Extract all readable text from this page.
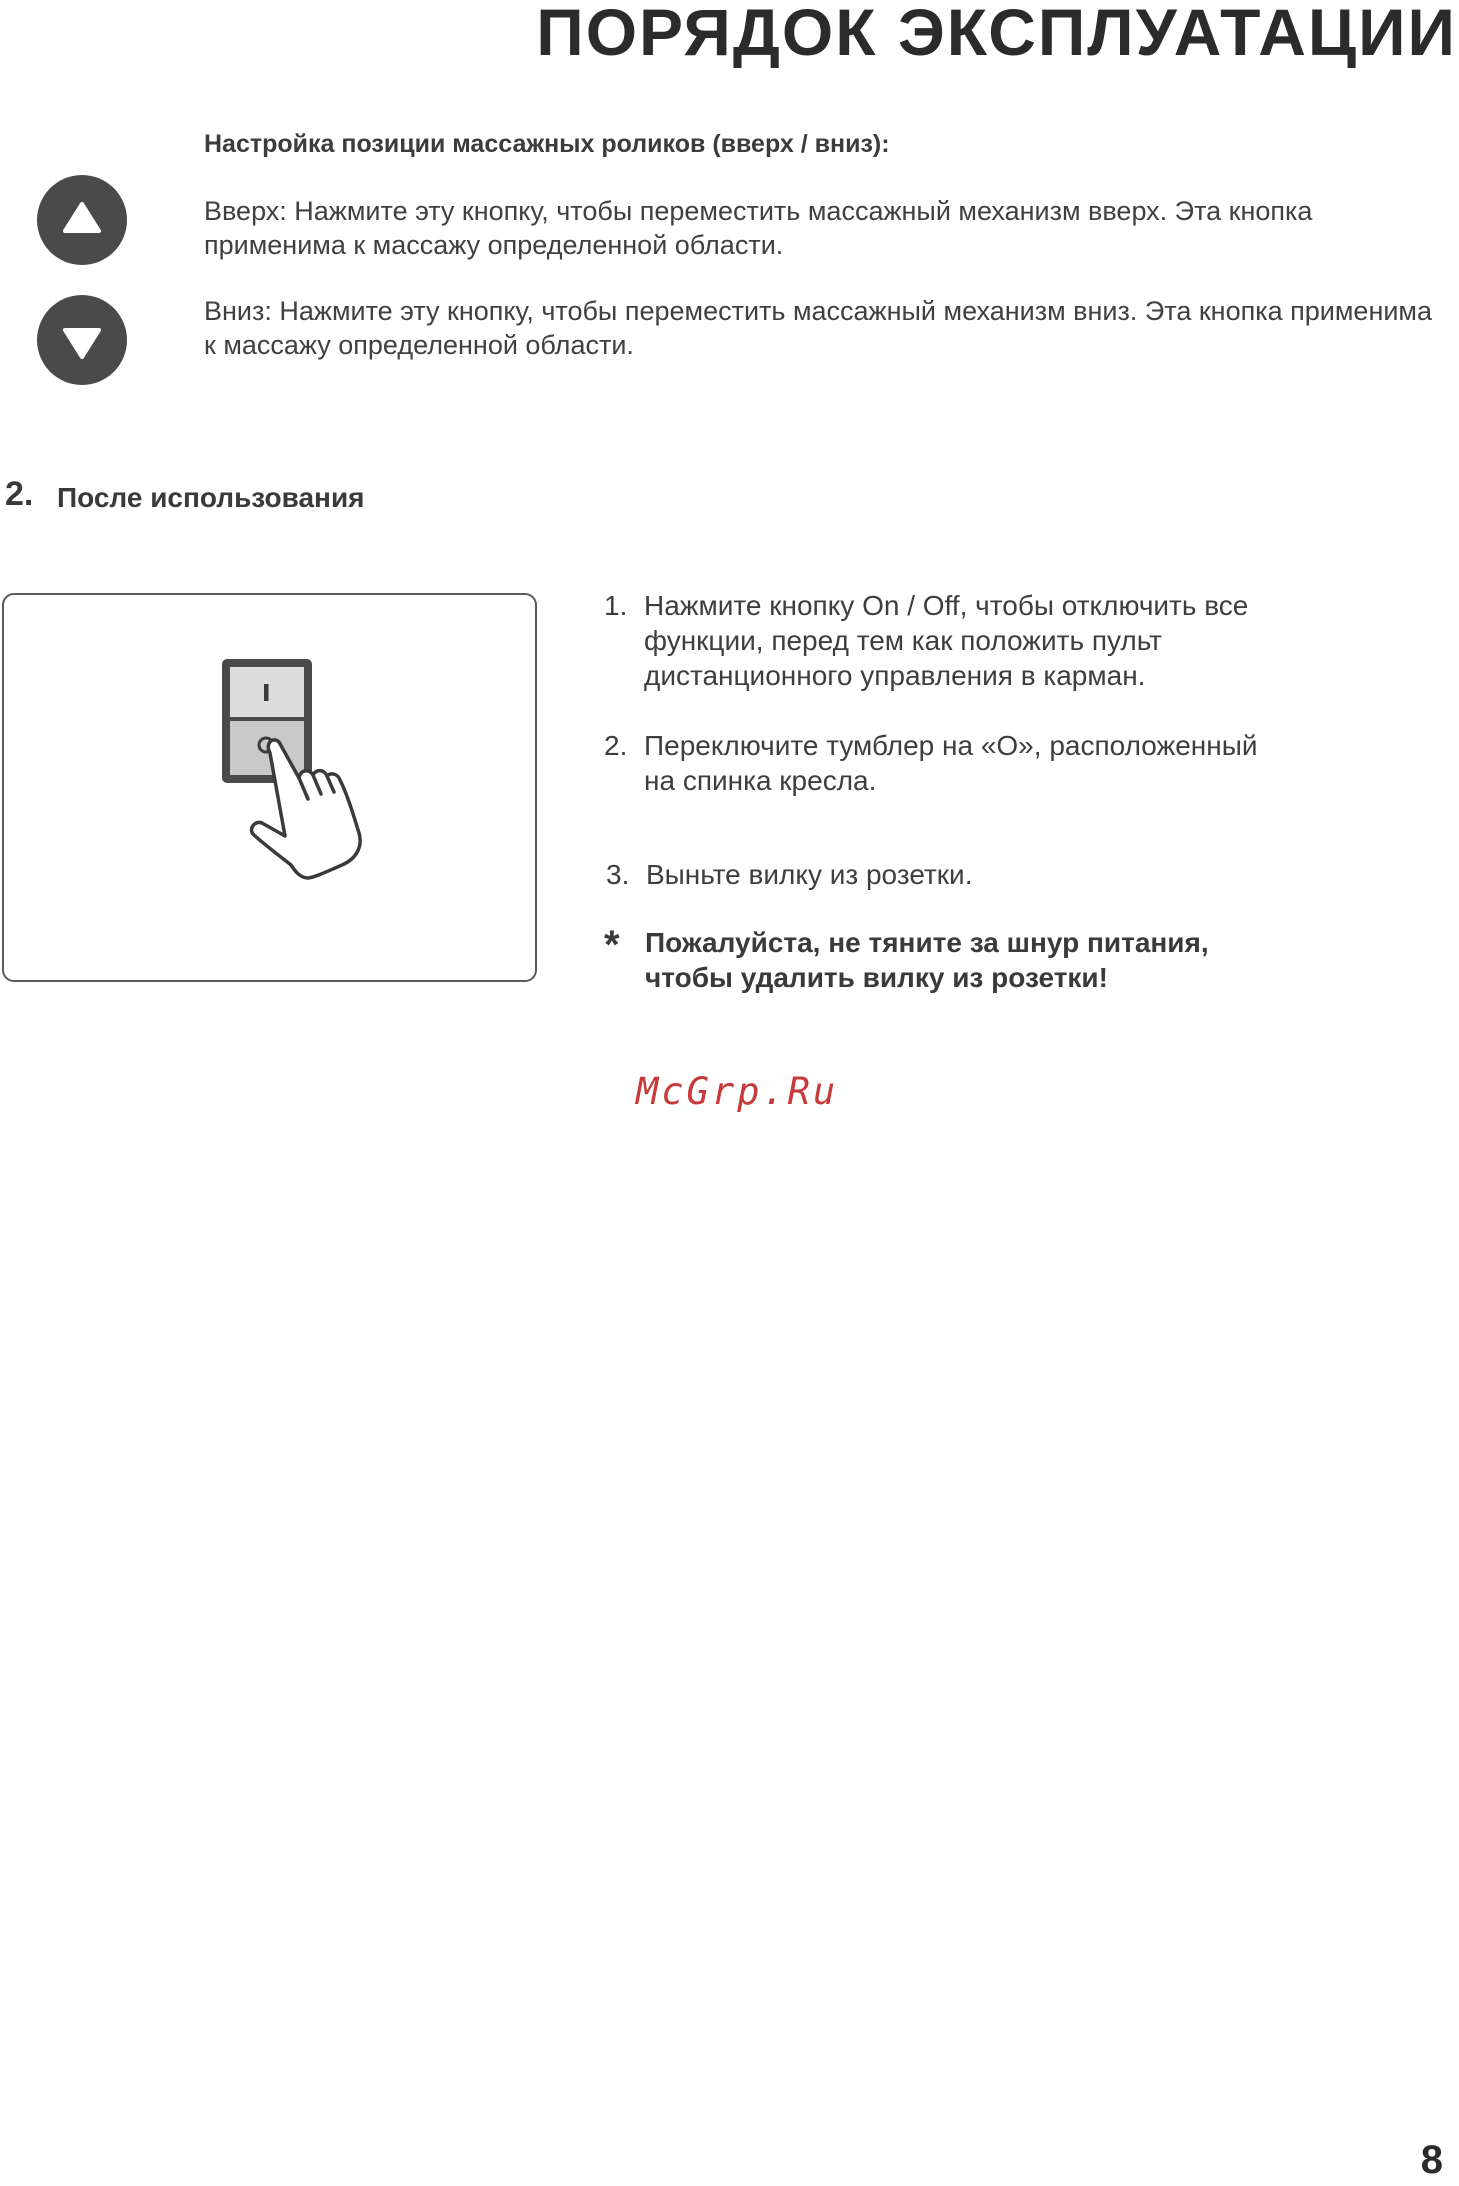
ПОРЯДОК ЭКСПЛУАТАЦИИ
Настройка позиции массажных роликов (вверх / вниз):
Вверх: Нажмите эту кнопку, чтобы переместить массажный механизм вверх. Эта кнопка применима к массажу определенной области.
Вниз: Нажмите эту кнопку, чтобы переместить массажный механизм вниз. Эта кнопка применима к массажу определенной области.
2. После использования
1. Нажмите кнопку On / Off, чтобы отключить все функции, перед тем как положить пульт дистанционного управления в карман.
2. Переключите тумблер на «О», расположенный на спинка кресла.
3. Выньте вилку из розетки.
* Пожалуйста, не тяните за шнур питания, чтобы удалить вилку из розетки!
McGrp.Ru
8
